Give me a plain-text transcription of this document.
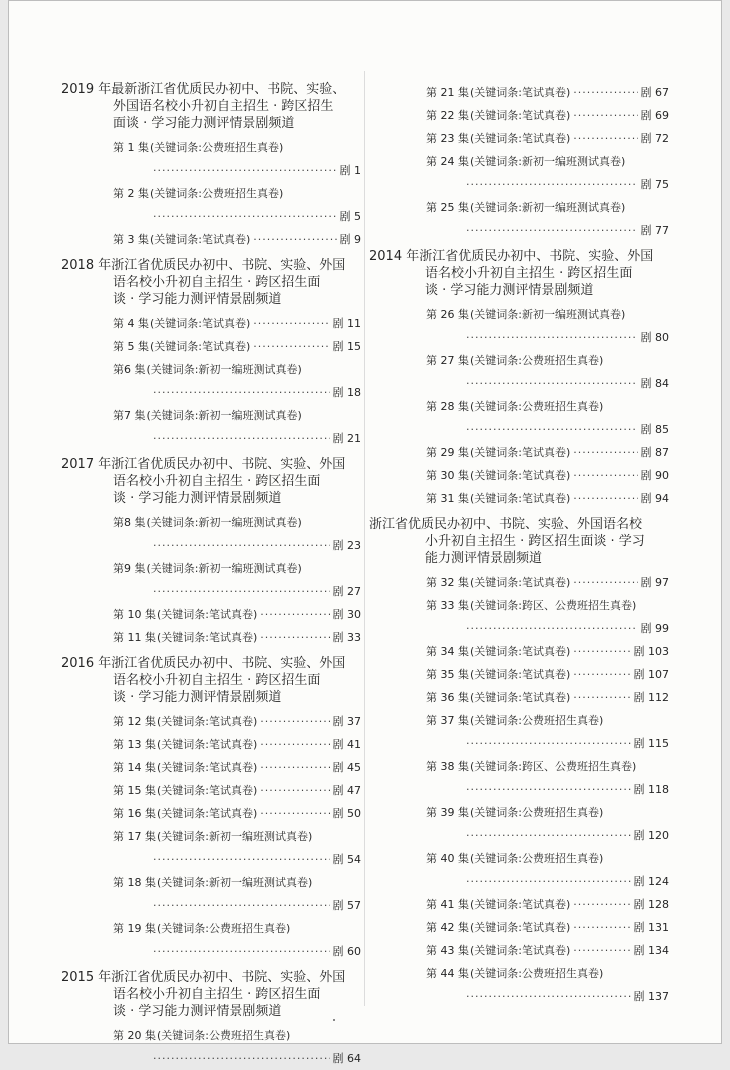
2019 年最新浙江省优质民办初中、书院、实验、
外国语名校小升初自主招生 · 跨区招生
面谈 · 学习能力测评情景剧频道
第 1 集 (关键词条:公费班招生真卷)
·····
剧 1
第 2 集 (关键词条:公费班招生真卷)
·····
剧 5
第 3 集 (关键词条:笔试真卷) ·····	剧 9
2018 年浙江省优质民办初中、书院、实验、外国
语名校小升初自主招生 · 跨区招生面
谈 · 学习能力测评情景剧频道
第 4 集 (关键词条:笔试真卷) ·····	剧 11
第 5 集 (关键词条:笔试真卷) ·····	剧 15
第6 集 (关键词条:新初一编班测试真卷)
·····
剧 18
第7 集 (关键词条:新初一编班测试真卷)
·····
剧 21
2017 年浙江省优质民办初中、书院、实验、外国
语名校小升初自主招生 · 跨区招生面
谈 · 学习能力测评情景剧频道
第8 集 (关键词条:新初一编班测试真卷)
·····
剧 23
第9 集 (关键词条:新初一编班测试真卷)
·····
剧 27
第 10 集 (关键词条:笔试真卷) ·····	剧 30
第 11 集 (关键词条:笔试真卷) ·····	剧 33
2016 年浙江省优质民办初中、书院、实验、外国
语名校小升初自主招生 · 跨区招生面
谈 · 学习能力测评情景剧频道
第 12 集 (关键词条:笔试真卷) ·····	剧 37
第 13 集 (关键词条:笔试真卷) ·····	剧 41
第 14 集 (关键词条:笔试真卷) ·····	剧 45
第 15 集 (关键词条:笔试真卷) ·····	剧 47
第 16 集 (关键词条:笔试真卷) ·····	剧 50
第 17 集 (关键词条:新初一编班测试真卷)
·····
剧 54
第 18 集 (关键词条:新初一编班测试真卷)
·····
剧 57
第 19 集 (关键词条:公费班招生真卷)
·····
剧 60
2015 年浙江省优质民办初中、书院、实验、外国
语名校小升初自主招生 · 跨区招生面
谈 · 学习能力测评情景剧频道
第 20 集 (关键词条:公费班招生真卷)
·····
剧 64
第 21 集 (关键词条:笔试真卷) ·····	剧 67
第 22 集 (关键词条:笔试真卷) ·····	剧 69
第 23 集 (关键词条:笔试真卷) ·····	剧 72
第 24 集 (关键词条:新初一编班测试真卷)
·····
剧 75
第 25 集 (关键词条:新初一编班测试真卷)
·····
剧 77
2014 年浙江省优质民办初中、书院、实验、外国
语名校小升初自主招生 · 跨区招生面
谈 · 学习能力测评情景剧频道
第 26 集 (关键词条:新初一编班测试真卷)
·····
剧 80
第 27 集 (关键词条:公费班招生真卷)
·····
剧 84
第 28 集 (关键词条:公费班招生真卷)
·····
剧 85
第 29 集 (关键词条:笔试真卷) ·····	剧 87
第 30 集 (关键词条:笔试真卷) ·····	剧 90
第 31 集 (关键词条:笔试真卷) ·····	剧 94
浙江省优质民办初中、书院、实验、外国语名校
小升初自主招生 · 跨区招生面谈 · 学习
能力测评情景剧频道
第 32 集 (关键词条:笔试真卷) ·····	剧 97
第 33 集 (关键词条:跨区、公费班招生真卷)
·····
剧 99
第 34 集 (关键词条:笔试真卷) ·····	剧 103
第 35 集 (关键词条:笔试真卷) ·····	剧 107
第 36 集 (关键词条:笔试真卷) ·····	剧 112
第 37 集 (关键词条:公费班招生真卷)
·····
剧 115
第 38 集 (关键词条:跨区、公费班招生真卷)
·····
剧 118
第 39 集 (关键词条:公费班招生真卷)
·····
剧 120
第 40 集 (关键词条:公费班招生真卷)
·····
剧 124
第 41 集 (关键词条:笔试真卷) ·····	剧 128
第 42 集 (关键词条:笔试真卷) ·····	剧 131
第 43 集 (关键词条:笔试真卷) ·····	剧 134
第 44 集 (关键词条:公费班招生真卷)
·····
剧 137
